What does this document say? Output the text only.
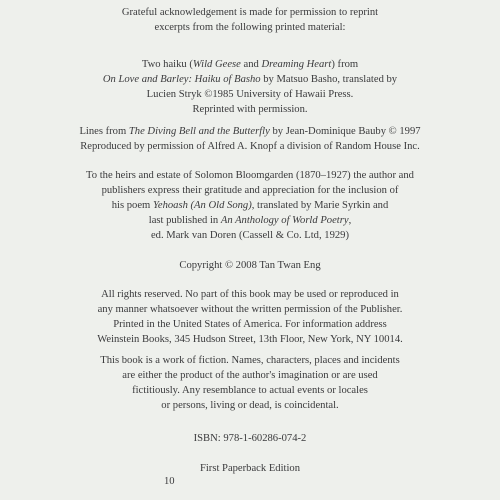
Grateful acknowledgement is made for permission to reprint
excerpts from the following printed material:
Two haiku (Wild Geese and Dreaming Heart) from
On Love and Barley: Haiku of Basho by Matsuo Basho, translated by
Lucien Stryk ©1985 University of Hawaii Press.
Reprinted with permission.
Lines from The Diving Bell and the Butterfly by Jean-Dominique Bauby © 1997
Reproduced by permission of Alfred A. Knopf a division of Random House Inc.
To the heirs and estate of Solomon Bloomgarden (1870–1927) the author and
publishers express their gratitude and appreciation for the inclusion of
his poem Yehoash (An Old Song), translated by Marie Syrkin and
last published in An Anthology of World Poetry,
ed. Mark van Doren (Cassell & Co. Ltd, 1929)
Copyright © 2008 Tan Twan Eng
All rights reserved. No part of this book may be used or reproduced in
any manner whatsoever without the written permission of the Publisher.
Printed in the United States of America. For information address
Weinstein Books, 345 Hudson Street, 13th Floor, New York, NY 10014.
This book is a work of fiction. Names, characters, places and incidents
are either the product of the author's imagination or are used
fictitiously. Any resemblance to actual events or locales
or persons, living or dead, is coincidental.
ISBN: 978-1-60286-074-2
First Paperback Edition
10
